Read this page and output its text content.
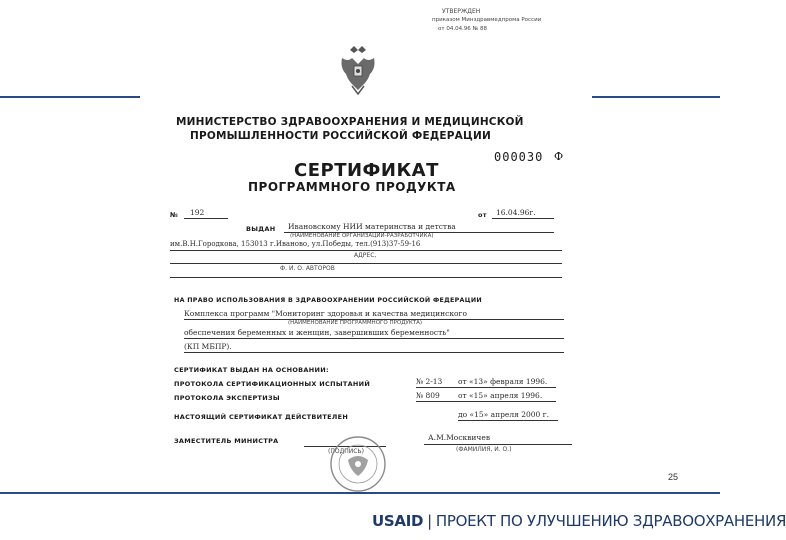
УТВЕРЖДЕН
приказом Минздравмедпрома России
от 04.04.96 № 88
МИНИСТЕРСТВО ЗДРАВООХРАНЕНИЯ И МЕДИЦИНСКОЙ
ПРОМЫШЛЕННОСТИ РОССИЙСКОЙ ФЕДЕРАЦИИ
000030 Ф
СЕРТИФИКАТ
ПРОГРАММНОГО ПРОДУКТА
№ 192	от 16.04.96г.
ВЫДАН Ивановскому НИИ материнства и детства
(НАИМЕНОВАНИЕ ОРГАНИЗАЦИИ-РАЗРАБОТЧИКА)
им.В.Н.Городкова, 153013 г.Иваново, ул.Победы, тел.(913)37-59-16
АДРЕС,
Ф. И. О. АВТОРОВ
НА ПРАВО ИСПОЛЬЗОВАНИЯ В ЗДРАВООХРАНЕНИИ РОССИЙСКОЙ ФЕДЕРАЦИИ
Комплекса программ "Мониторинг здоровья и качества медицинского
(НАИМЕНОВАНИЕ ПРОГРАММНОГО ПРОДУКТА)
обеспечения беременных и женщин, завершивших беременность"
(КП МБПР).
СЕРТИФИКАТ ВЫДАН НА ОСНОВАНИИ:
ПРОТОКОЛА СЕРТИФИКАЦИОННЫХ ИСПЫТАНИЙ	№ 2-13 от «13» февраля 1996.
ПРОТОКОЛА ЭКСПЕРТИЗЫ	№ 809 от «15» апреля 1996.
НАСТОЯЩИЙ СЕРТИФИКАТ ДЕЙСТВИТЕЛЕН	до «15» апреля 2000 г.
ЗАМЕСТИТЕЛЬ МИНИСТРА
(ПОДПИСЬ)
А.М.Москвичев
(ФАМИЛИЯ, И. О.)
25
USAID | ПРОЕКТ ПО УЛУЧШЕНИЮ ЗДРАВООХРАНЕНИЯ
